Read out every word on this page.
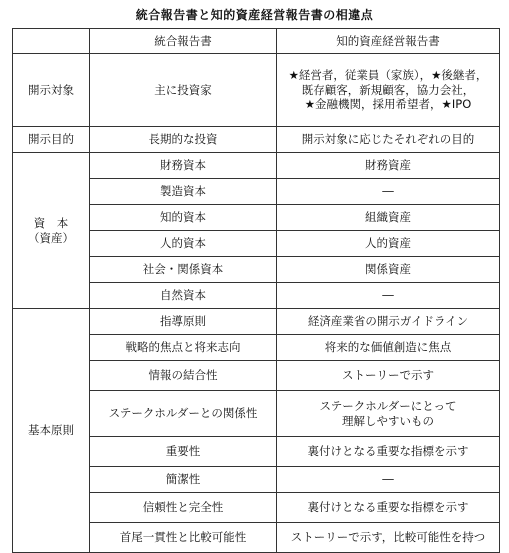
統合報告書と知的資産経営報告書の相違点
	統合報告書	知的資産経営報告書
開示対象	主に投資家	★経営者，従業員（家族），★後継者，
既存顧客，新規顧客，協力会社，
★金融機関，採用希望者，★IPO

開示目的	長期的な投資	開示対象に応じたそれぞれの目的

資　本
（資産）	財務資本	財務資産
	製造資本	―
	知的資本	組織資産
	人的資本	人的資産
	社会・関係資本	関係資産
	自然資本	―
基本原則	指導原則	経済産業省の開示ガイドライン
	戦略的焦点と将来志向	将来的な価値創造に焦点
	情報の結合性	ストーリーで示す
	ステークホルダーとの関係性	ステークホルダーにとって
理解しやすいもの

	重要性	裏付けとなる重要な指標を示す
	簡潔性	―
	信頼性と完全性	裏付けとなる重要な指標を示す
	首尾一貫性と比較可能性	ストーリーで示す，比較可能性を持つ
